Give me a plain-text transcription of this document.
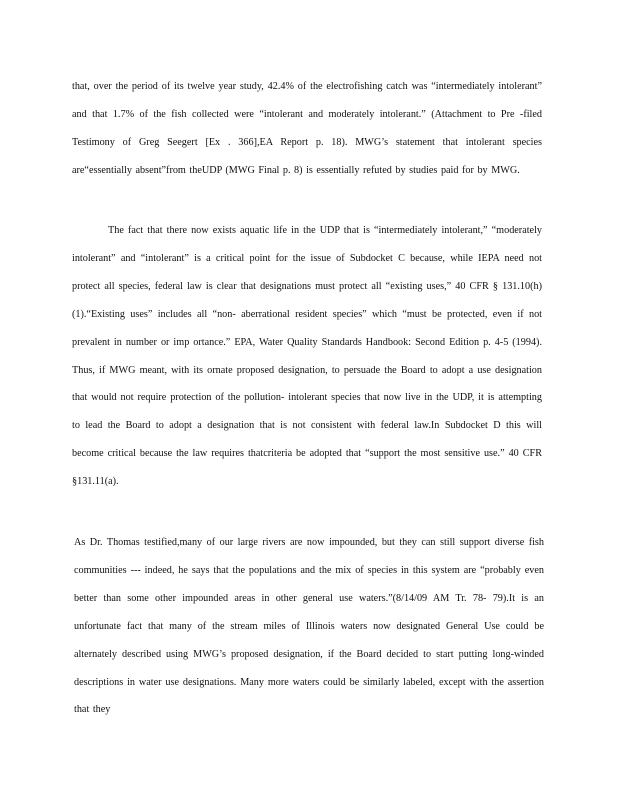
that, over the period of its twelve year study, 42.4% of the electrofishing catch was “intermediately intolerant” and that 1.7% of the fish collected were “intolerant and moderately intolerant.” (Attachment to Pre -filed Testimony of Greg Seegert [Ex . 366],EA Report p. 18). MWG’s statement that intolerant species are“essentially absent”from theUDP (MWG Final p. 8) is essentially refuted by studies paid for by MWG.

The fact that there now exists aquatic life in the UDP that is “intermediately intolerant,” “moderately intolerant” and “intolerant” is a critical point for the issue of Subdocket C because, while IEPA need not protect all species, federal law is clear that designations must protect all “existing uses,” 40 CFR § 131.10(h)(1).“Existing uses” includes all “non- aberrational resident species” which “must be protected, even if not prevalent in number or imp ortance.” EPA, Water Quality Standards Handbook: Second Edition p. 4-5 (1994). Thus, if MWG meant, with its ornate proposed designation, to persuade the Board to adopt a use designation that would not require protection of the pollution- intolerant species that now live in the UDP, it is attempting to lead the Board to adopt a designation that is not consistent with federal law.In Subdocket D this will become critical because the law requires thatcriteria be adopted that “support the most sensitive use.” 40 CFR §131.11(a).

As Dr. Thomas testified,many of our large rivers are now impounded, but they can still support diverse fish communities --- indeed, he says that the populations and the mix of species in this system are “probably even better than some other impounded areas in other general use waters.”(8/14/09 AM Tr. 78- 79).It is an unfortunate fact that many of the stream miles of Illinois waters now designated General Use could be alternately described using MWG’s proposed designation, if the Board decided to start putting long-winded descriptions in water use designations. Many more waters could be similarly labeled, except with the assertion that they
